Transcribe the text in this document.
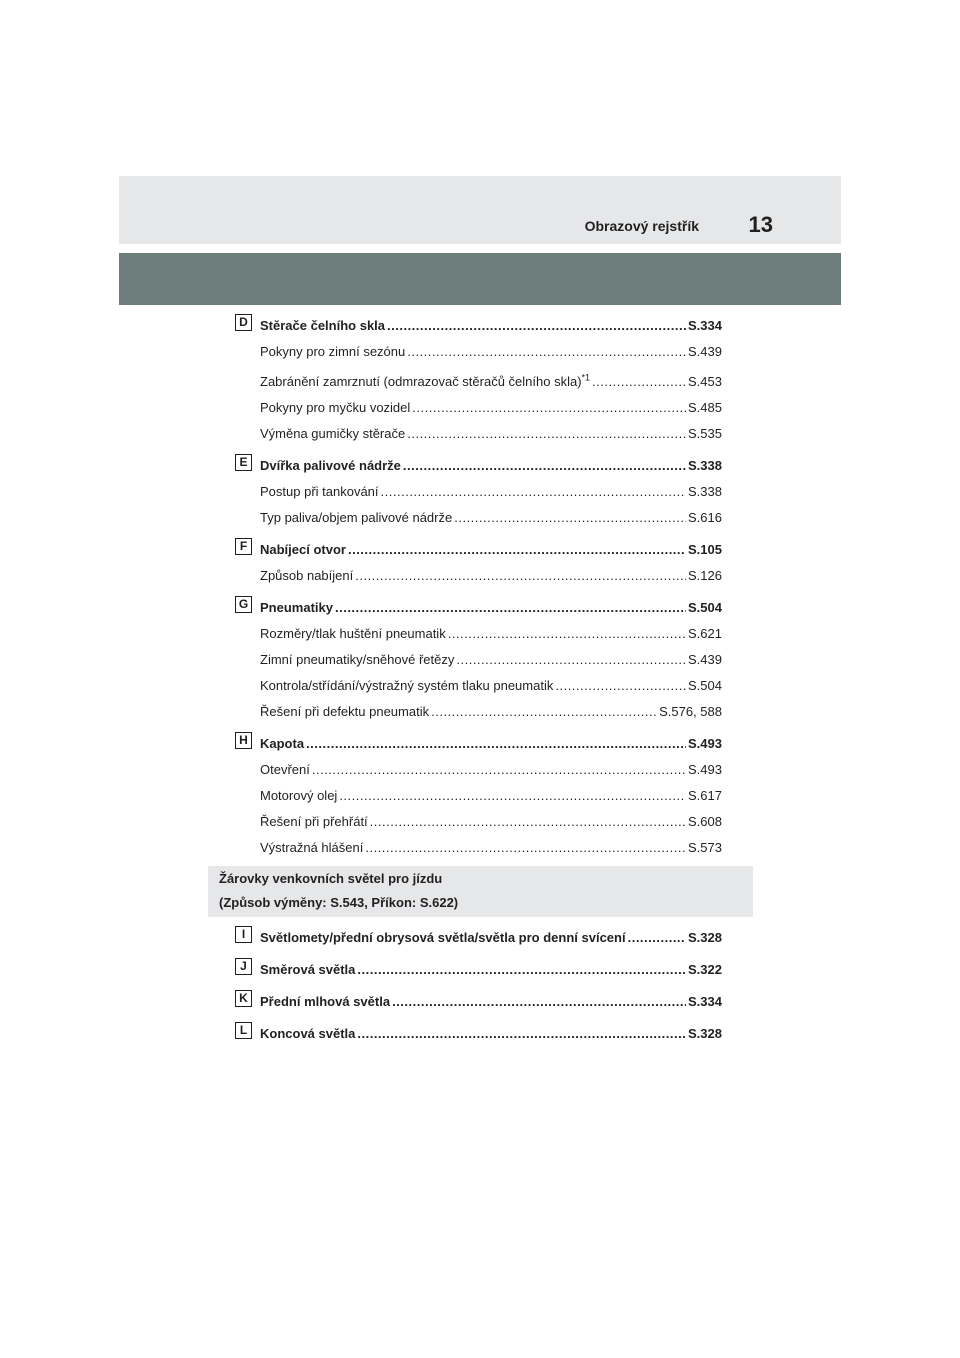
Obrazový rejstřík 13
D Stěrače čelního skla .....	S.334
Pokyny pro zimní sezónu .....	S.439
Zabránění zamrznutí (odmrazovač stěračů čelního skla)$^{*1}$ .....	S.453
Pokyny pro myčku vozidel .....	S.485
Výměna gumičky stěrače .....	S.535
E Dvířka palivové nádrže .....	S.338
Postup při tankování .....	S.338
Typ paliva/objem palivové nádrže .....	S.616
F Nabíjecí otvor .....	S.105
Způsob nabíjení .....	S.126
G Pneumatiky .....	S.504
Rozměry/tlak huštění pneumatik .....	S.621
Zimní pneumatiky/sněhové řetězy .....	S.439
Kontrola/střídání/výstražný systém tlaku pneumatik .....	S.504
Řešení při defektu pneumatik .....	S.576, 588
H Kapota .....	S.493
Otevření .....	S.493
Motorový olej .....	S.617
Řešení při přehřátí .....	S.608
Výstražná hlášení .....	S.573
Žárovky venkovních světel pro jízdu
(Způsob výměny: S.543, Příkon: S.622)
I	Světlomety/přední obrysová světla/světla pro denní svícení .....	S.328
J	Směrová světla .....	S.322
K Přední mlhová světla .....	S.334
L Koncová světla .....	S.328
